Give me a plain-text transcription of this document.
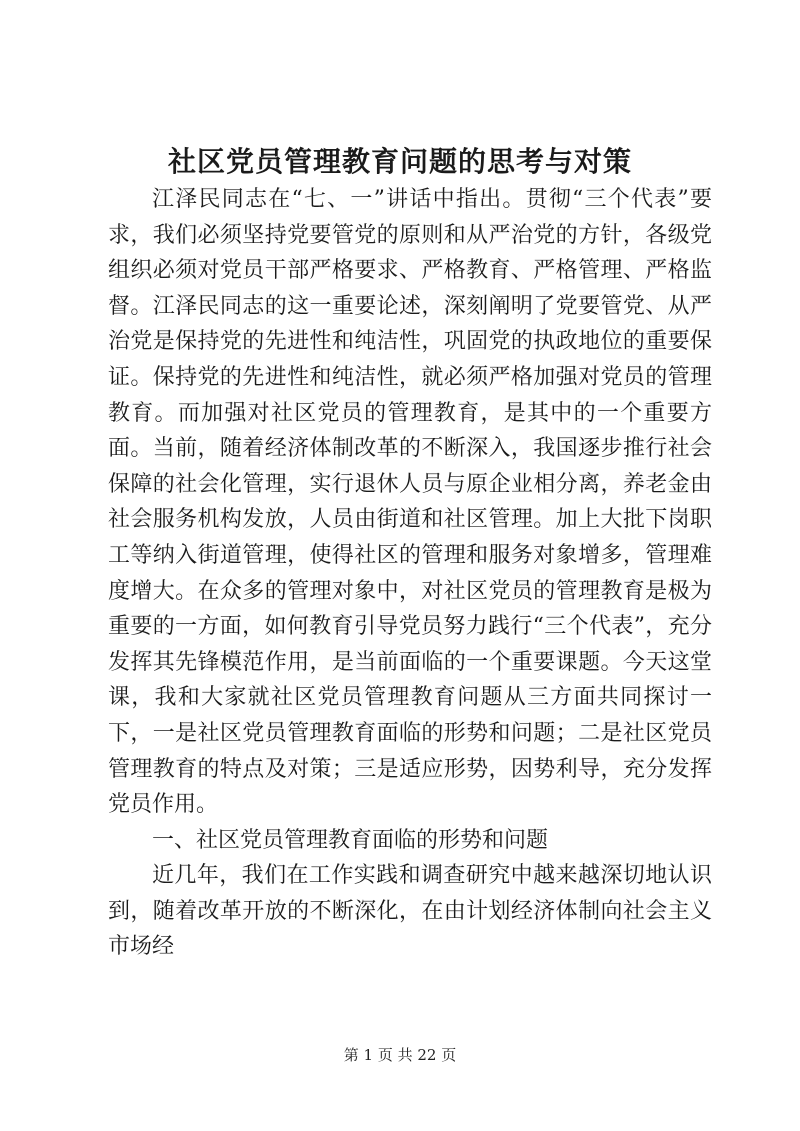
社区党员管理教育问题的思考与对策

江泽民同志在“七、一”讲话中指出。贯彻“三个代表”要求，我们必须坚持党要管党的原则和从严治党的方针，各级党组织必须对党员干部严格要求、严格教育、严格管理、严格监督。江泽民同志的这一重要论述，深刻阐明了党要管党、从严治党是保持党的先进性和纯洁性，巩固党的执政地位的重要保证。保持党的先进性和纯洁性，就必须严格加强对党员的管理教育。而加强对社区党员的管理教育，是其中的一个重要方面。当前，随着经济体制改革的不断深入，我国逐步推行社会保障的社会化管理，实行退休人员与原企业相分离，养老金由社会服务机构发放，人员由街道和社区管理。加上大批下岗职工等纳入街道管理，使得社区的管理和服务对象增多，管理难度增大。在众多的管理对象中，对社区党员的管理教育是极为重要的一方面，如何教育引导党员努力践行“三个代表”，充分发挥其先锋模范作用，是当前面临的一个重要课题。今天这堂课，我和大家就社区党员管理教育问题从三方面共同探讨一下，一是社区党员管理教育面临的形势和问题；二是社区党员管理教育的特点及对策；三是适应形势，因势利导，充分发挥党员作用。

一、社区党员管理教育面临的形势和问题

近几年，我们在工作实践和调查研究中越来越深切地认识到，随着改革开放的不断深化，在由计划经济体制向社会主义市场经

第 1 页 共 22 页
